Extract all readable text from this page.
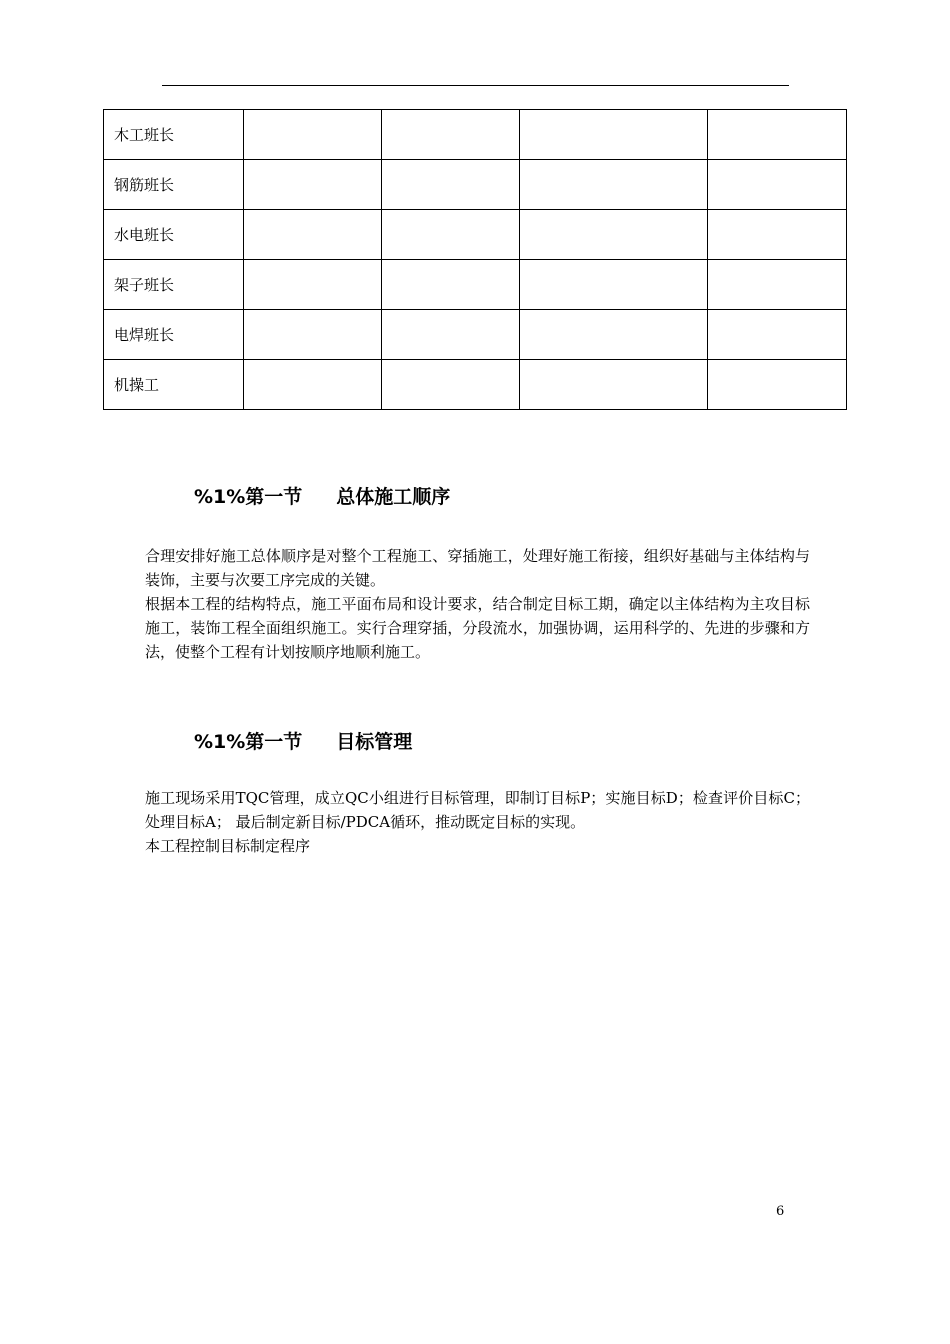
木工班长				
钢筋班长				
水电班长				
架子班长				
电焊班长				
机操工				
%1%第一节 总体施工顺序

合理安排好施工总体顺序是对整个工程施工、穿插施工，处理好施工衔接，组织好基础与主体结构与装饰，主要与次要工序完成的关键。

根据本工程的结构特点，施工平面布局和设计要求，结合制定目标工期，确定以主体结构为主攻目标施工，装饰工程全面组织施工。实行合理穿插，分段流水，加强协调，运用科学的、先进的步骤和方法，使整个工程有计划按顺序地顺利施工。

%1%第一节 目标管理

施工现场采用TQC管理，成立QC小组进行目标管理，即制订目标P；实施目标D；检查评价目标C； 处理目标A； 最后制定新目标/PDCA循环，推动既定目标的实现。

本工程控制目标制定程序

6
